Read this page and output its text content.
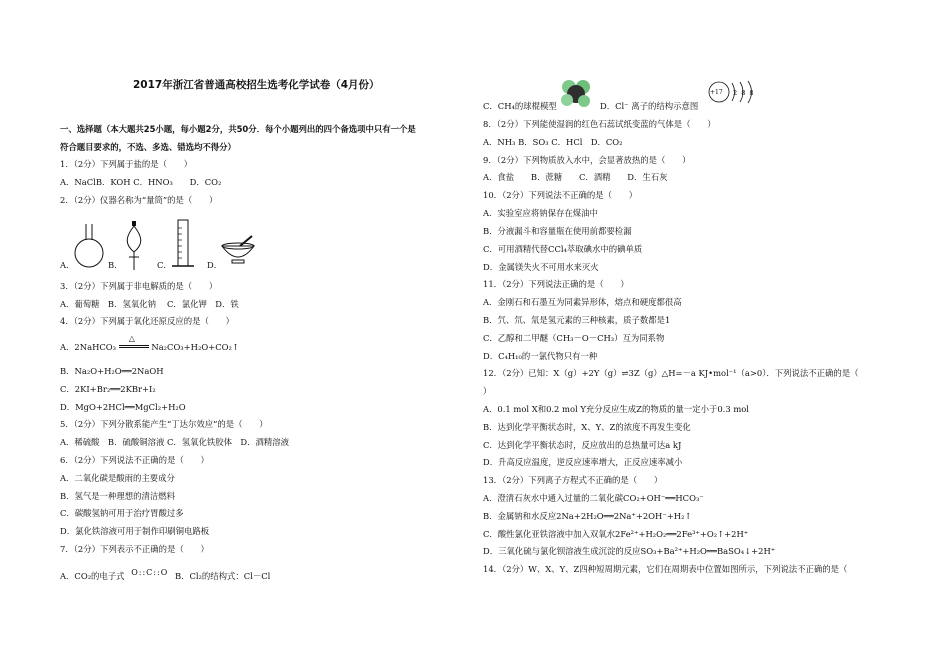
2017年浙江省普通高校招生选考化学试卷（4月份）
一、选择题（本大题共25小题，每小题2分，共50分．每个小题列出的四个备选项中只有一个是
符合题目要求的，不选、多选、错选均不得分）
1．（2分）下列属于盐的是（　　）
A．NaClB．KOH C．HNO₃　　D．CO₂
2．（2分）仪器名称为“量筒”的是（　　）
A．	B．	C．	D．
3．（2分）下列属于非电解质的是（　　）
A．葡萄糖　B．氢氧化钠　 C．氯化钾　D．铁
4．（2分）下列属于氧化还原反应的是（　　）
A．2NaHCO₃
△
Na₂CO₃+H₂O+CO₂↑
B．Na₂O+H₂O══2NaOH
C．2KI+Br₂══2KBr+I₂
D．MgO+2HCl══MgCl₂+H₂O
5．（2分）下列分散系能产生“丁达尔效应”的是（　　）
A．稀硫酸　B．硫酸铜溶液 C．氢氧化铁胶体　D．酒精溶液
6．（2分）下列说法不正确的是（　　）
A．二氧化碳是酸雨的主要成分
B．氢气是一种理想的清洁燃料
C．碳酸氢钠可用于治疗胃酸过多
D．氯化铁溶液可用于制作印刷铜电路板
7．（2分）下列表示不正确的是（　　）
A．CO₂的电子式 O::C::O B．Cl₂的结构式：Cl－Cl
C．CH₄的球棍模型	D．Cl⁻ 离子的结构示意图
+17 2 8 8
8．（2分）下列能使湿润的红色石蕊试纸变蓝的气体是（　　）
A．NH₃ B．SO₃ C．HCl　D．CO₂
9．（2分）下列物质放入水中，会显著放热的是（　　）
A．食盐　　B．蔗糖　　C．酒精　　D．生石灰
10．（2分）下列说法不正确的是（　　）
A．实验室应将钠保存在煤油中
B．分液漏斗和容量瓶在使用前都要检漏
C．可用酒精代替CCl₄萃取碘水中的碘单质
D．金属镁失火不可用水来灭火
11．（2分）下列说法正确的是（　　）
A．金刚石和石墨互为同素异形体，熔点和硬度都很高
B．氕、氘、氚是氢元素的三种核素，质子数都是1
C．乙醇和二甲醚（CH₃－O－CH₃）互为同系物
D．C₄H₁₀的一氯代物只有一种
12．（2分）已知：X（g）+2Y（g）⇌3Z（g）△H=－a KJ•mol⁻¹（a>0）．下列说法不正确的是（
）
A．0.1 mol X和0.2 mol Y充分反应生成Z的物质的量一定小于0.3 mol
B．达到化学平衡状态时，X、Y、Z的浓度不再发生变化
C．达到化学平衡状态时，反应放出的总热量可达a kJ
D．升高反应温度，逆反应速率增大，正反应速率减小
13．（2分）下列离子方程式不正确的是（　　）
A．澄清石灰水中通入过量的二氧化碳CO₂+OH⁻══HCO₃⁻
B．金属钠和水反应2Na+2H₂O══2Na⁺+2OH⁻+H₂↑
C．酸性氯化亚铁溶液中加入双氧水2Fe²⁺+H₂O₂══2Fe³⁺+O₂↑+2H⁺
D．三氧化硫与氯化钡溶液生成沉淀的反应SO₃+Ba²⁺+H₂O══BaSO₄↓+2H⁺
14．（2分）W、X、Y、Z四种短周期元素，它们在周期表中位置如图所示，下列说法不正确的是（
